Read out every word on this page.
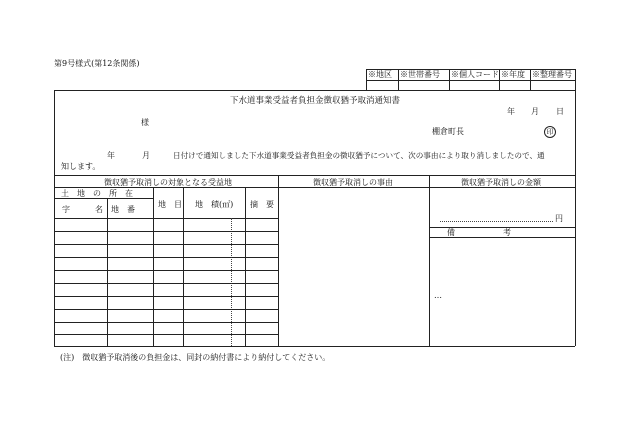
第9号様式(第12条関係)
※地区 ※世帯番号 ※個人コード ※年度 ※整理番号
下水道事業受益者負担金徴収猶予取消通知書
年 月 日
様
棚倉町長	印
年	月	日付けで通知しました下水道事業受益者負担金の徴収猶予について、次の事由により取り消しましたので、通
知します。
徴収猶予取消しの対象となる受益地	徴収猶予取消しの事由	徴収猶予取消しの金額
土　地　の　所　在
字	名　地　番
地　目 地　積(㎡) 摘　要
円
備　　　　　　考
…
(注)　徴収猶予取消後の負担金は、同封の納付書により納付してください。
